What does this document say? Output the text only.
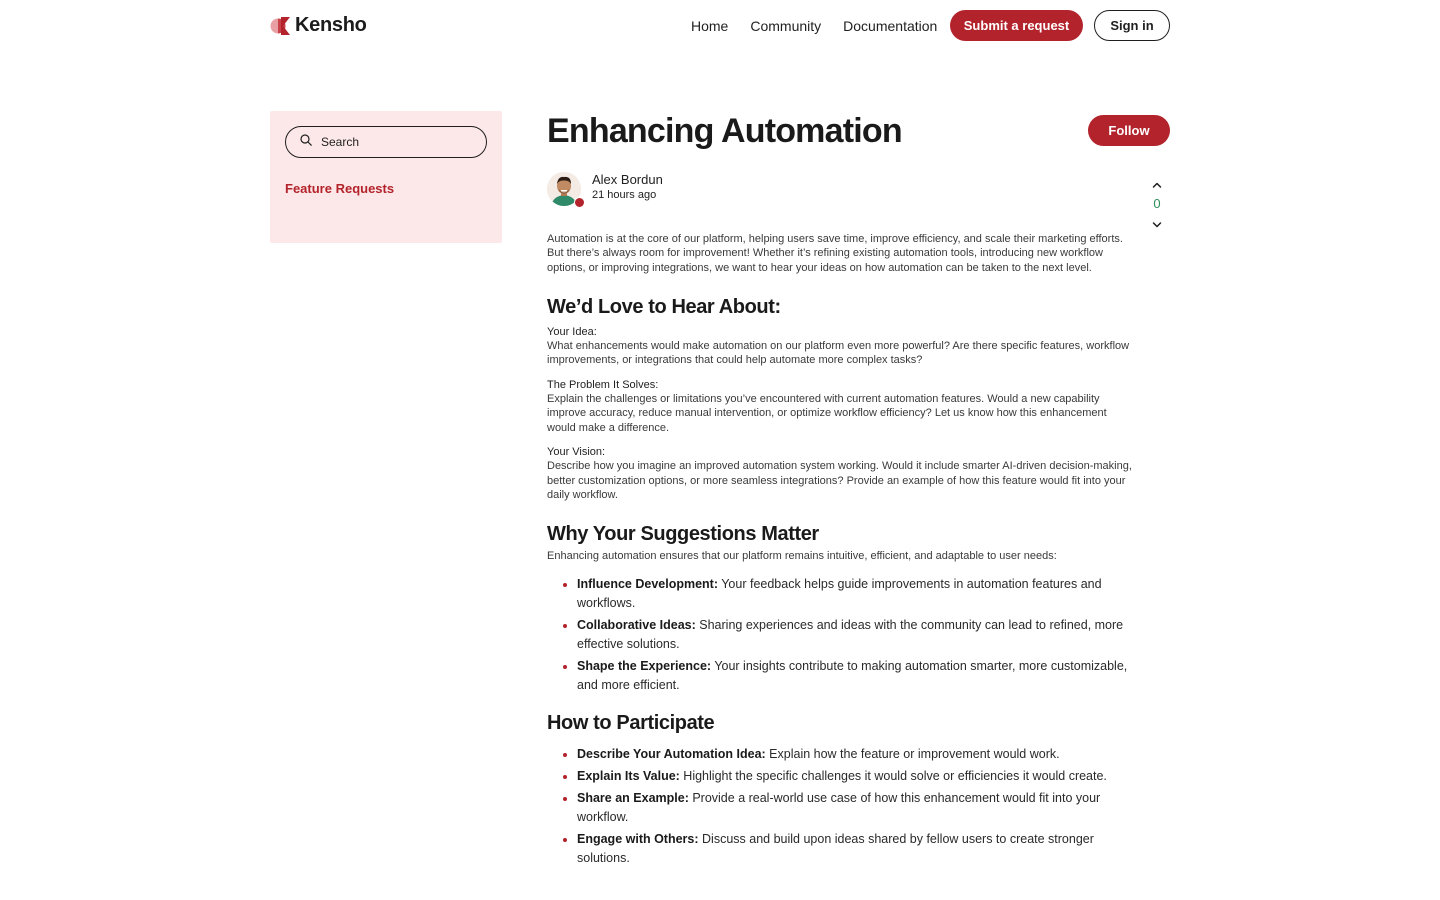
Kensho	Home Community Documentation	Submit a request	Sign in
Search
Feature Requests
Enhancing Automation	Follow
Alex Bordun
21 hours ago
0

Automation is at the core of our platform, helping users save time, improve efficiency, and scale their marketing efforts. But there’s always room for improvement! Whether it’s refining existing automation tools, introducing new workflow options, or improving integrations, we want to hear your ideas on how automation can be taken to the next level.

We’d Love to Hear About:
Your Idea:
What enhancements would make automation on our platform even more powerful? Are there specific features, workflow improvements, or integrations that could help automate more complex tasks?
The Problem It Solves:
Explain the challenges or limitations you’ve encountered with current automation features. Would a new capability improve accuracy, reduce manual intervention, or optimize workflow efficiency? Let us know how this enhancement would make a difference.
Your Vision:
Describe how you imagine an improved automation system working. Would it include smarter AI-driven decision-making, better customization options, or more seamless integrations? Provide an example of how this feature would fit into your daily workflow.
Why Your Suggestions Matter

Enhancing automation ensures that our platform remains intuitive, efficient, and adaptable to user needs:

Influence Development: Your feedback helps guide improvements in automation features and workflows.
Collaborative Ideas: Sharing experiences and ideas with the community can lead to refined, more effective solutions.
Shape the Experience: Your insights contribute to making automation smarter, more customizable, and more efficient.
How to Participate
Describe Your Automation Idea: Explain how the feature or improvement would work.
Explain Its Value: Highlight the specific challenges it would solve or efficiencies it would create.
Share an Example: Provide a real-world use case of how this enhancement would fit into your workflow.
Engage with Others: Discuss and build upon ideas shared by fellow users to create stronger solutions.
